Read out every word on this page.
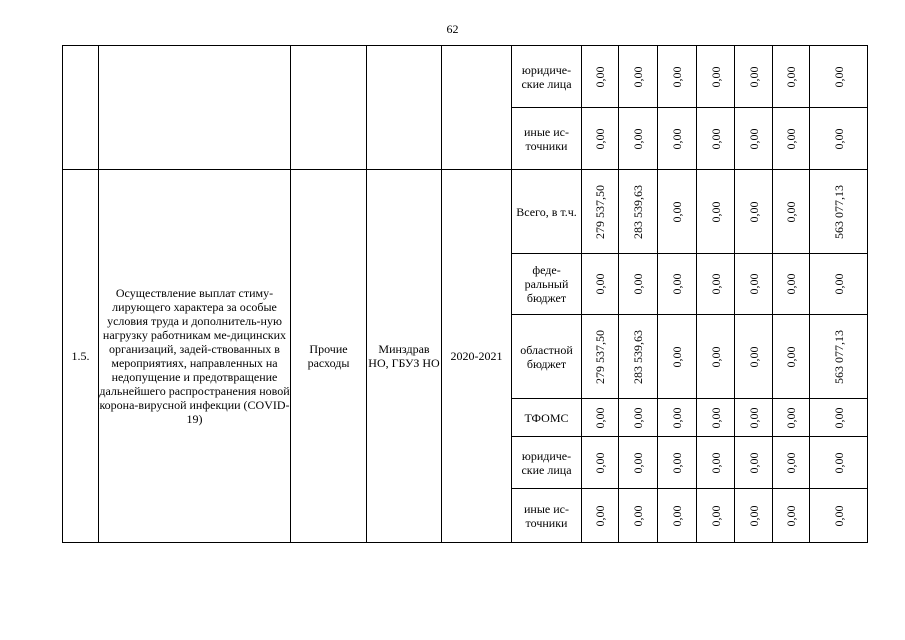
62
					юридиче-ские лица	0,00	0,00	0,00	0,00	0,00	0,00	0,00

					иные ис-точники	0,00	0,00	0,00	0,00	0,00	0,00	0,00

1.5.	Осуществление выплат стиму-лирующего характера за особые условия труда и дополнитель-ную нагрузку работникам ме-дицинских организаций, задей-ствованных в мероприятиях, направленных на недопущение и предотвращение дальнейшего распространения новой корона-вирусной инфекции (COVID-19)	Прочие расходы	Минздрав НО, ГБУЗ НО	2020-2021	Всего, в т.ч.	279 537,50	283 539,63	0,00	0,00	0,00	0,00	563 077,13

					феде-ральный бюджет	0,00	0,00	0,00	0,00	0,00	0,00	0,00

					областной бюджет	279 537,50	283 539,63	0,00	0,00	0,00	0,00	563 077,13

					ТФОМС	0,00	0,00	0,00	0,00	0,00	0,00	0,00

					юридиче-ские лица	0,00	0,00	0,00	0,00	0,00	0,00	0,00

					иные ис-точники	0,00	0,00	0,00	0,00	0,00	0,00	0,00
